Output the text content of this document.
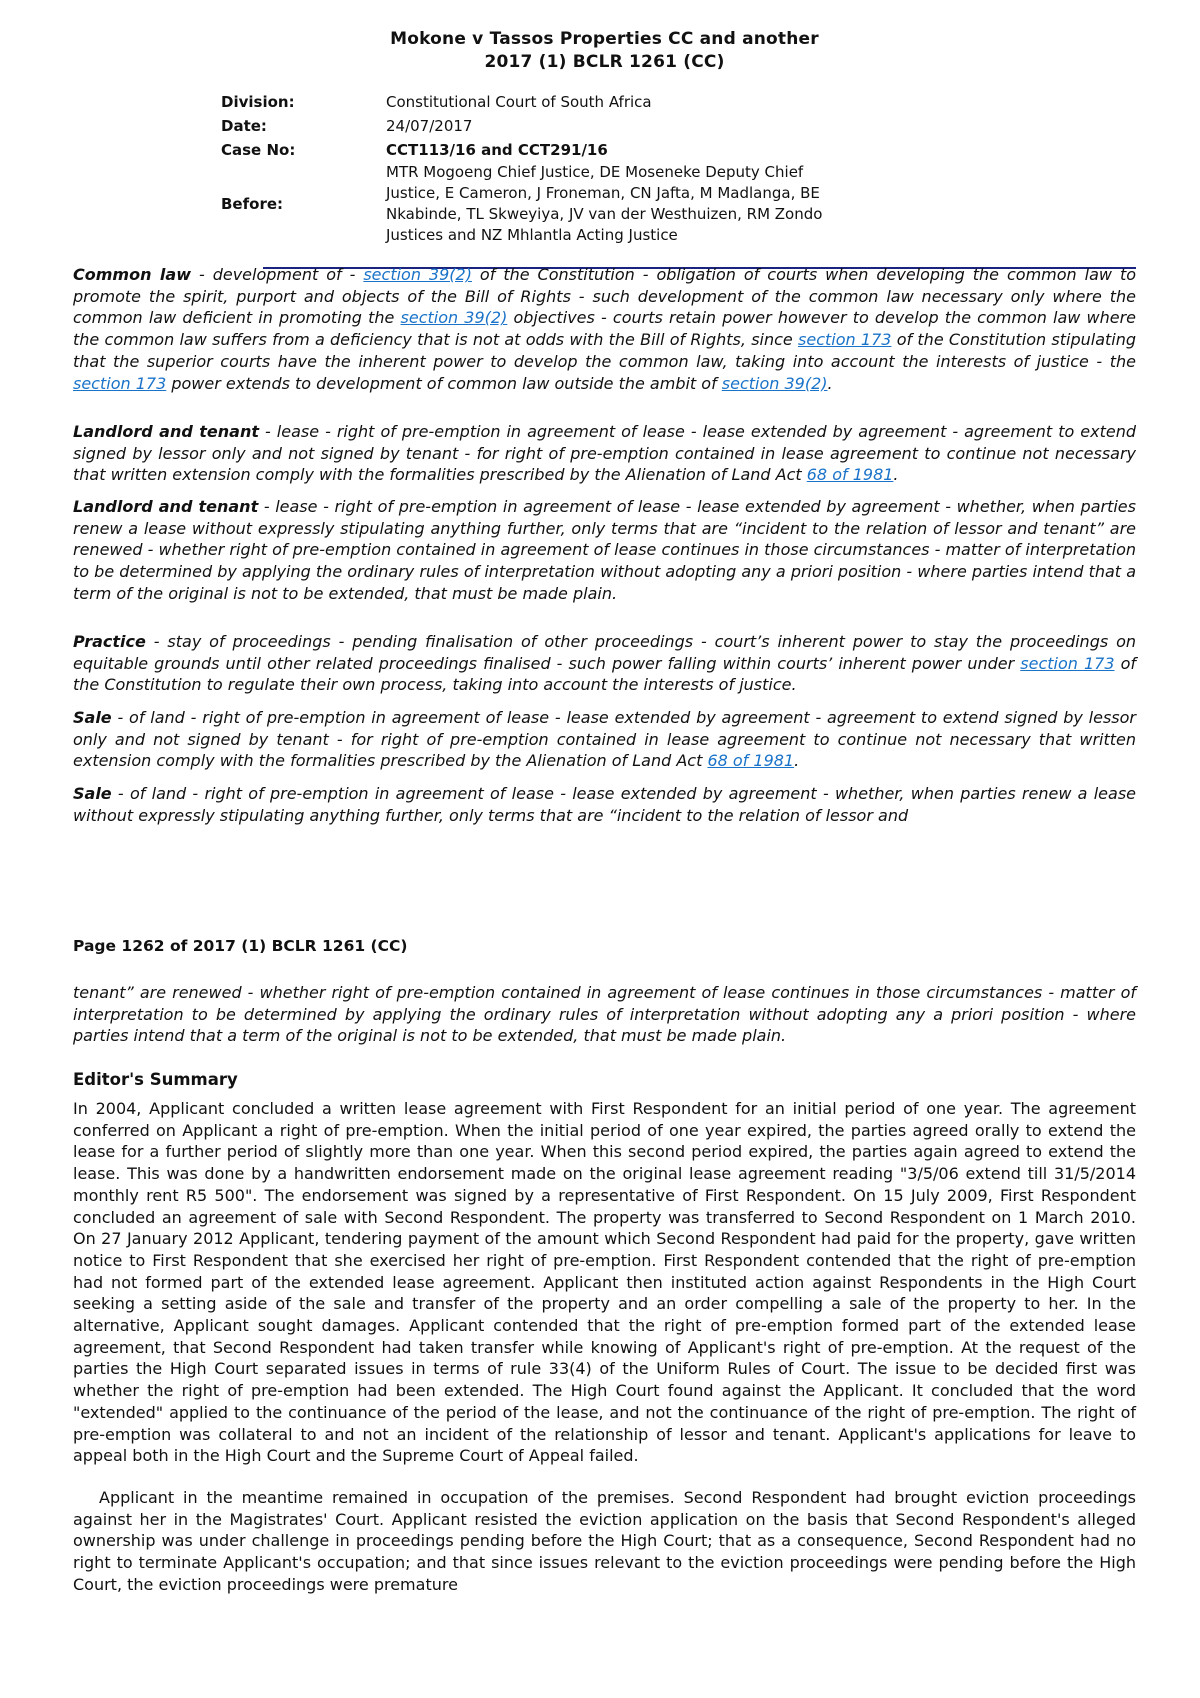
Mokone v Tassos Properties CC and another
2017 (1) BCLR 1261 (CC)
Division:	Constitutional Court of South Africa
Date:	24/07/2017
Case No:	CCT113/16 and CCT291/16
Before:
MTR Mogoeng Chief Justice, DE Moseneke Deputy Chief Justice, E Cameron, J Froneman, CN Jafta, M Madlanga, BE Nkabinde, TL Skweyiya, JV van der Westhuizen, RM Zondo Justices and NZ Mhlantla Acting Justice
Common law - development of - section 39(2) of the Constitution - obligation of courts when developing the common law to promote the spirit, purport and objects of the Bill of Rights - such development of the common law necessary only where the common law deficient in promoting the section 39(2) objectives - courts retain power however to develop the common law where the common law suffers from a deficiency that is not at odds with the Bill of Rights, since section 173 of the Constitution stipulating that the superior courts have the inherent power to develop the common law, taking into account the interests of justice - the section 173 power extends to development of common law outside the ambit of section 39(2).
Landlord and tenant - lease - right of pre-emption in agreement of lease - lease extended by agreement - agreement to extend signed by lessor only and not signed by tenant - for right of pre-emption contained in lease agreement to continue not necessary that written extension comply with the formalities prescribed by the Alienation of Land Act 68 of 1981.
Landlord and tenant - lease - right of pre-emption in agreement of lease - lease extended by agreement - whether, when parties renew a lease without expressly stipulating anything further, only terms that are “incident to the relation of lessor and tenant” are renewed - whether right of pre-emption contained in agreement of lease continues in those circumstances - matter of interpretation to be determined by applying the ordinary rules of interpretation without adopting any a priori position - where parties intend that a term of the original is not to be extended, that must be made plain.
Practice - stay of proceedings - pending finalisation of other proceedings - court’s inherent power to stay the proceedings on equitable grounds until other related proceedings finalised - such power falling within courts’ inherent power under section 173 of the Constitution to regulate their own process, taking into account the interests of justice.
Sale - of land - right of pre-emption in agreement of lease - lease extended by agreement - agreement to extend signed by lessor only and not signed by tenant - for right of pre-emption contained in lease agreement to continue not necessary that written extension comply with the formalities prescribed by the Alienation of Land Act 68 of 1981.
Sale - of land - right of pre-emption in agreement of lease - lease extended by agreement - whether, when parties renew a lease without expressly stipulating anything further, only terms that are “incident to the relation of lessor and
Page 1262 of 2017 (1) BCLR 1261 (CC)
tenant” are renewed - whether right of pre-emption contained in agreement of lease continues in those circumstances - matter of interpretation to be determined by applying the ordinary rules of interpretation without adopting any a priori position - where parties intend that a term of the original is not to be extended, that must be made plain.
Editor's Summary
In 2004, Applicant concluded a written lease agreement with First Respondent for an initial period of one year. The agreement conferred on Applicant a right of pre-emption. When the initial period of one year expired, the parties agreed orally to extend the lease for a further period of slightly more than one year. When this second period expired, the parties again agreed to extend the lease. This was done by a handwritten endorsement made on the original lease agreement reading "3/5/06 extend till 31/5/2014 monthly rent R5 500". The endorsement was signed by a representative of First Respondent. On 15 July 2009, First Respondent concluded an agreement of sale with Second Respondent. The property was transferred to Second Respondent on 1 March 2010. On 27 January 2012 Applicant, tendering payment of the amount which Second Respondent had paid for the property, gave written notice to First Respondent that she exercised her right of pre-emption. First Respondent contended that the right of pre-emption had not formed part of the extended lease agreement. Applicant then instituted action against Respondents in the High Court seeking a setting aside of the sale and transfer of the property and an order compelling a sale of the property to her. In the alternative, Applicant sought damages. Applicant contended that the right of pre-emption formed part of the extended lease agreement, that Second Respondent had taken transfer while knowing of Applicant's right of pre-emption. At the request of the parties the High Court separated issues in terms of rule 33(4) of the Uniform Rules of Court. The issue to be decided first was whether the right of pre-emption had been extended. The High Court found against the Applicant. It concluded that the word "extended" applied to the continuance of the period of the lease, and not the continuance of the right of pre-emption. The right of pre-emption was collateral to and not an incident of the relationship of lessor and tenant. Applicant's applications for leave to appeal both in the High Court and the Supreme Court of Appeal failed.
Applicant in the meantime remained in occupation of the premises. Second Respondent had brought eviction proceedings against her in the Magistrates' Court. Applicant resisted the eviction application on the basis that Second Respondent's alleged ownership was under challenge in proceedings pending before the High Court; that as a consequence, Second Respondent had no right to terminate Applicant's occupation; and that since issues relevant to the eviction proceedings were pending before the High Court, the eviction proceedings were premature
